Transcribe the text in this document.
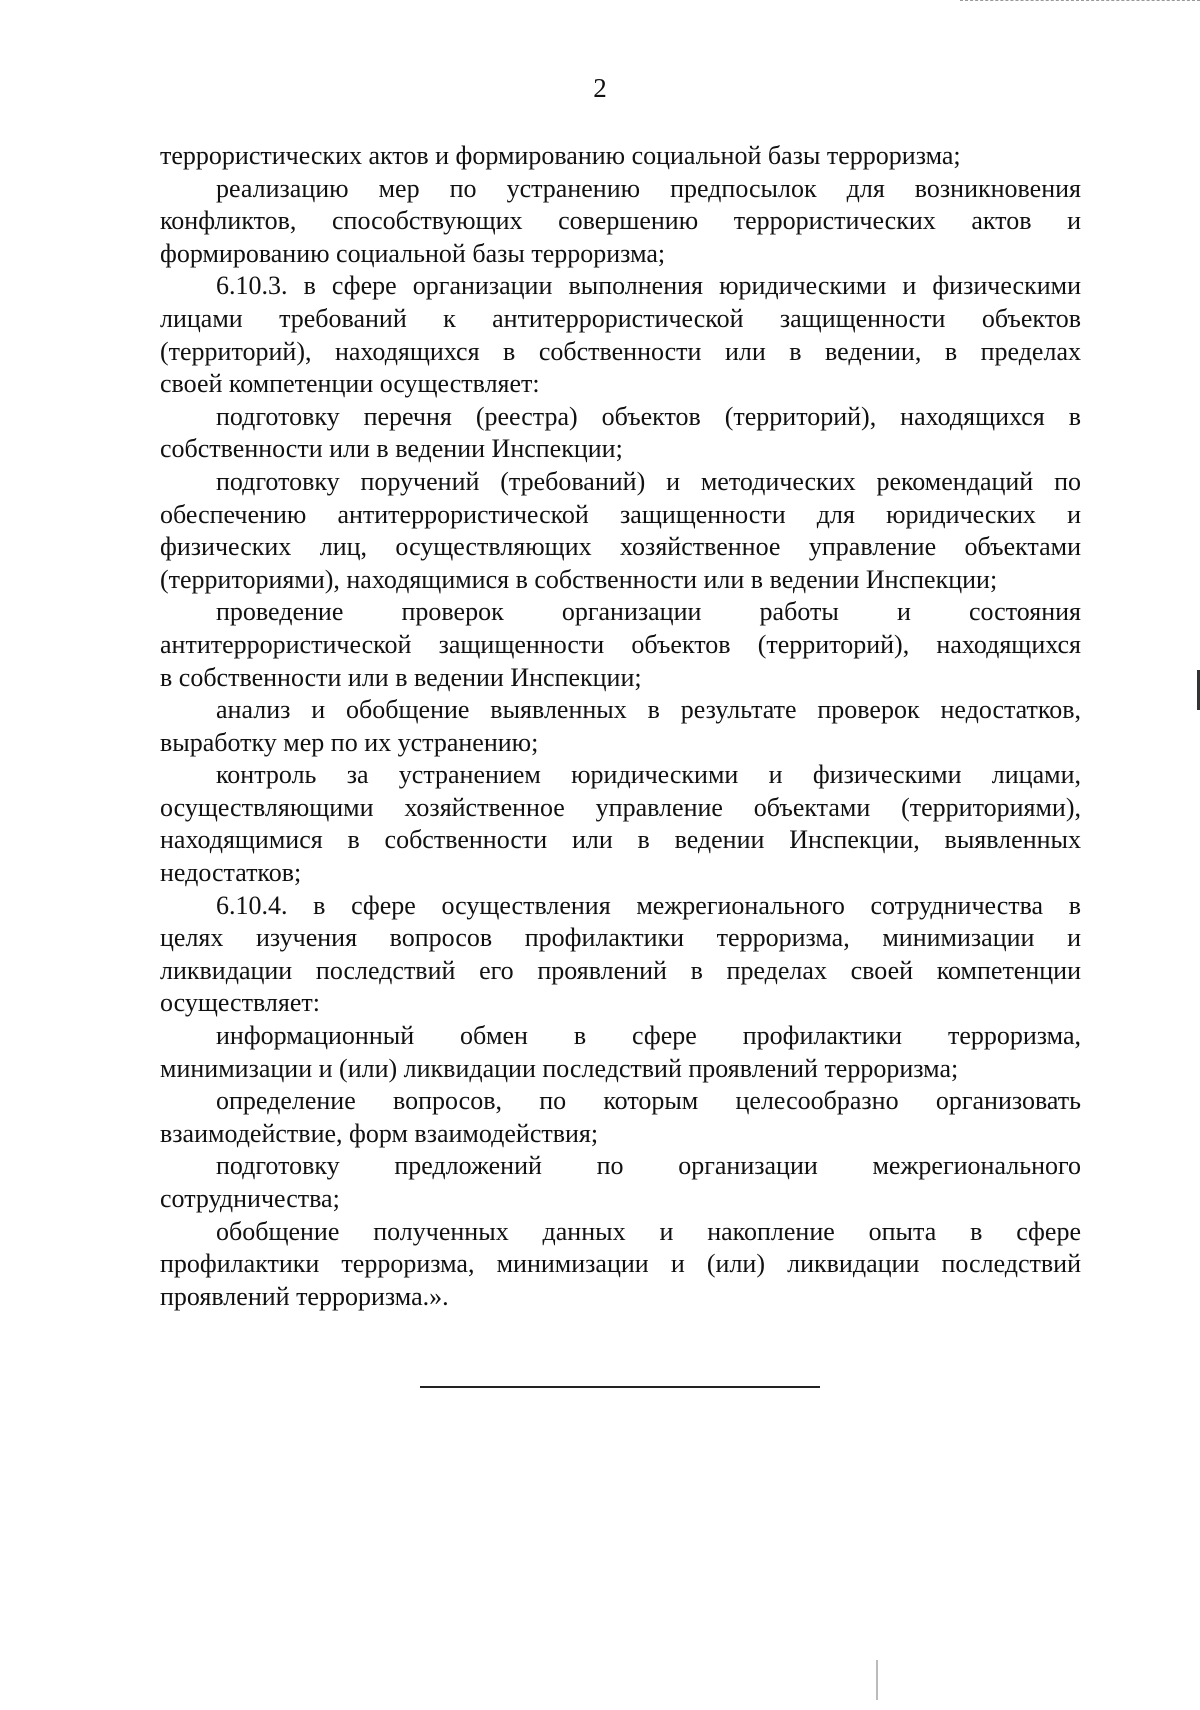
2
террористических актов и формированию социальной базы терроризма;
реализацию мер по устранению предпосылок для возникновения
конфликтов, способствующих совершению террористических актов и
формированию социальной базы терроризма;
6.10.3. в сфере организации выполнения юридическими и физическими
лицами требований к антитеррористической защищенности объектов
(территорий), находящихся в собственности или в ведении, в пределах
своей компетенции осуществляет:
подготовку перечня (реестра) объектов (территорий), находящихся в
собственности или в ведении Инспекции;
подготовку поручений (требований) и методических рекомендаций по
обеспечению антитеррористической защищенности для юридических и
физических лиц, осуществляющих хозяйственное управление объектами
(территориями), находящимися в собственности или в ведении Инспекции;
проведение проверок организации работы и состояния
антитеррористической защищенности объектов (территорий), находящихся
в собственности или в ведении Инспекции;
анализ и обобщение выявленных в результате проверок недостатков,
выработку мер по их устранению;
контроль за устранением юридическими и физическими лицами,
осуществляющими хозяйственное управление объектами (территориями),
находящимися в собственности или в ведении Инспекции, выявленных
недостатков;
6.10.4. в сфере осуществления межрегионального сотрудничества в
целях изучения вопросов профилактики терроризма, минимизации и
ликвидации последствий его проявлений в пределах своей компетенции
осуществляет:
информационный обмен в сфере профилактики терроризма,
минимизации и (или) ликвидации последствий проявлений терроризма;
определение вопросов, по которым целесообразно организовать
взаимодействие, форм взаимодействия;
подготовку предложений по организации межрегионального
сотрудничества;
обобщение полученных данных и накопление опыта в сфере
профилактики терроризма, минимизации и (или) ликвидации последствий
проявлений терроризма.».
